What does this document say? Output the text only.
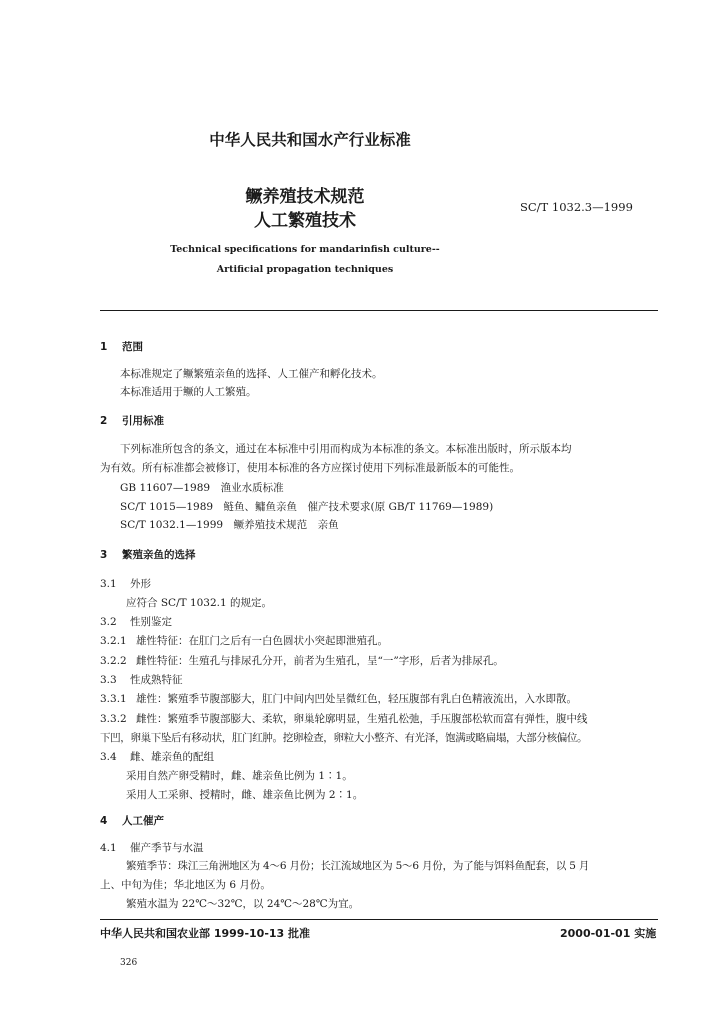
中华人民共和国水产行业标准
鳜养殖技术规范
人工繁殖技术
SC/T 1032.3—1999
Technical specifications for mandarinfish culture--
Artificial propagation techniques
1 范围
本标准规定了鳜繁殖亲鱼的选择、人工催产和孵化技术。
本标准适用于鳜的人工繁殖。
2 引用标准
下列标准所包含的条文，通过在本标准中引用而构成为本标准的条文。本标准出版时，所示版本均
为有效。所有标准都会被修订，使用本标准的各方应探讨使用下列标准最新版本的可能性。
GB 11607—1989　渔业水质标准
SC/T 1015—1989　鲢鱼、鳙鱼亲鱼　催产技术要求(原 GB/T 11769—1989)
SC/T 1032.1—1999　鳜养殖技术规范　亲鱼
3 繁殖亲鱼的选择
3.1 外形
应符合 SC/T 1032.1 的规定。
3.2 性别鉴定
3.2.1 雄性特征：在肛门之后有一白色圆状小突起即泄殖孔。
3.2.2 雌性特征：生殖孔与排尿孔分开，前者为生殖孔，呈“一”字形，后者为排尿孔。
3.3 性成熟特征
3.3.1 雄性：繁殖季节腹部膨大，肛门中间内凹处呈微红色，轻压腹部有乳白色精液流出，入水即散。
3.3.2 雌性：繁殖季节腹部膨大、柔软，卵巢轮廓明显，生殖孔松弛，手压腹部松软而富有弹性，腹中线
下凹，卵巢下坠后有移动状，肛门红肿。挖卵检查，卵粒大小整齐、有光泽，饱满或略扁塌，大部分核偏位。
3.4 雌、雄亲鱼的配组
采用自然产卵受精时，雌、雄亲鱼比例为 1∶1。
采用人工采卵、授精时，雌、雄亲鱼比例为 2∶1。
4 人工催产
4.1 催产季节与水温
繁殖季节：珠江三角洲地区为 4～6 月份；长江流域地区为 5～6 月份，为了能与饵料鱼配套，以 5 月
上、中旬为佳；华北地区为 6 月份。
繁殖水温为 22℃～32℃，以 24℃～28℃为宜。
中华人民共和国农业部 1999-10-13 批准	2000-01-01 实施
326
